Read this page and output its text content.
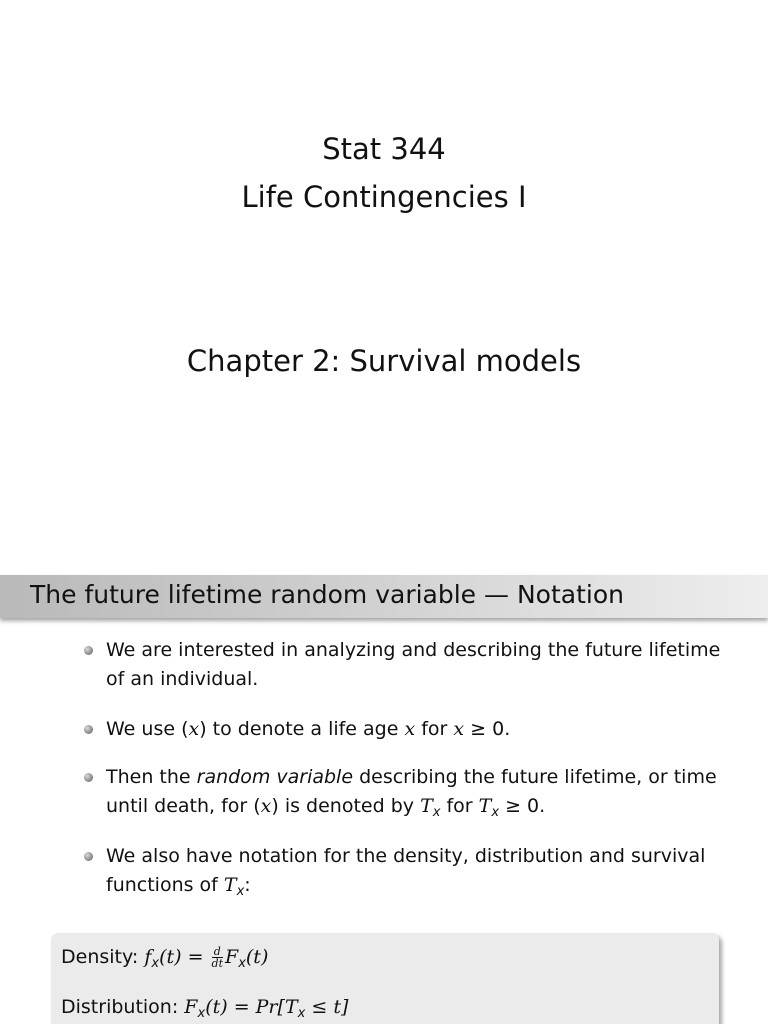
Stat 344
Life Contingencies I
Chapter 2: Survival models
The future lifetime random variable — Notation
We are interested in analyzing and describing the future lifetime of an individual.
We use (x) to denote a life age x for x ≥ 0.
Then the random variable describing the future lifetime, or time until death, for (x) is denoted by $T_x$ for $T_x \ge 0$.
We also have notation for the density, distribution and survival functions of $T_x$:
Density: $f_x(t) = \frac{d}{dt} F_x(t)$
Distribution: $F_x(t) = Pr[T_x \le t]$
